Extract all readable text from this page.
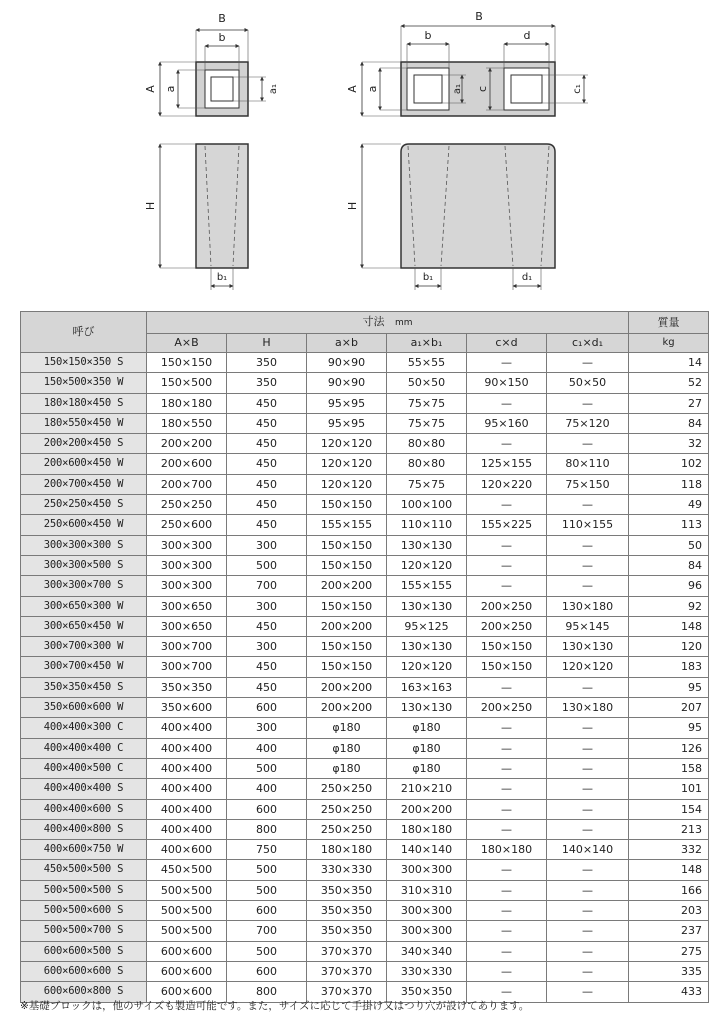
B
b
A a	a₁
H
b₁
B
b	d
A a	a₁ c	c₁
H
b₁	d₁
呼び	寸法 mm						質量
	A×B	H	a×b	a₁×b₁	c×d	c₁×d₁	kg
150×150×350 S	150×150	350	90×90	55×55	—	—	14
150×500×350 W	150×500	350	90×90	50×50	90×150	50×50	52
180×180×450 S	180×180	450	95×95	75×75	—	—	27
180×550×450 W	180×550	450	95×95	75×75	95×160	75×120	84
200×200×450 S	200×200	450	120×120	80×80	—	—	32
200×600×450 W	200×600	450	120×120	80×80	125×155	80×110	102
200×700×450 W	200×700	450	120×120	75×75	120×220	75×150	118
250×250×450 S	250×250	450	150×150	100×100	—	—	49
250×600×450 W	250×600	450	155×155	110×110	155×225	110×155	113
300×300×300 S	300×300	300	150×150	130×130	—	—	50
300×300×500 S	300×300	500	150×150	120×120	—	—	84
300×300×700 S	300×300	700	200×200	155×155	—	—	96
300×650×300 W	300×650	300	150×150	130×130	200×250	130×180	92
300×650×450 W	300×650	450	200×200	95×125	200×250	95×145	148
300×700×300 W	300×700	300	150×150	130×130	150×150	130×130	120
300×700×450 W	300×700	450	150×150	120×120	150×150	120×120	183
350×350×450 S	350×350	450	200×200	163×163	—	—	95
350×600×600 W	350×600	600	200×200	130×130	200×250	130×180	207
400×400×300 C	400×400	300	φ180	φ180	—	—	95
400×400×400 C	400×400	400	φ180	φ180	—	—	126
400×400×500 C	400×400	500	φ180	φ180	—	—	158
400×400×400 S	400×400	400	250×250	210×210	—	—	101
400×400×600 S	400×400	600	250×250	200×200	—	—	154
400×400×800 S	400×400	800	250×250	180×180	—	—	213
400×600×750 W	400×600	750	180×180	140×140	180×180	140×140	332
450×500×500 S	450×500	500	330×330	300×300	—	—	148
500×500×500 S	500×500	500	350×350	310×310	—	—	166
500×500×600 S	500×500	600	350×350	300×300	—	—	203
500×500×700 S	500×500	700	350×350	300×300	—	—	237
600×600×500 S	600×600	500	370×370	340×340	—	—	275
600×600×600 S	600×600	600	370×370	330×330	—	—	335
600×600×800 S	600×600	800	370×370	350×350	—	—	433
※基礎ブロックは，他のサイズも製造可能です。また，サイズに応じて手掛け又はつり穴が設けてあります。
